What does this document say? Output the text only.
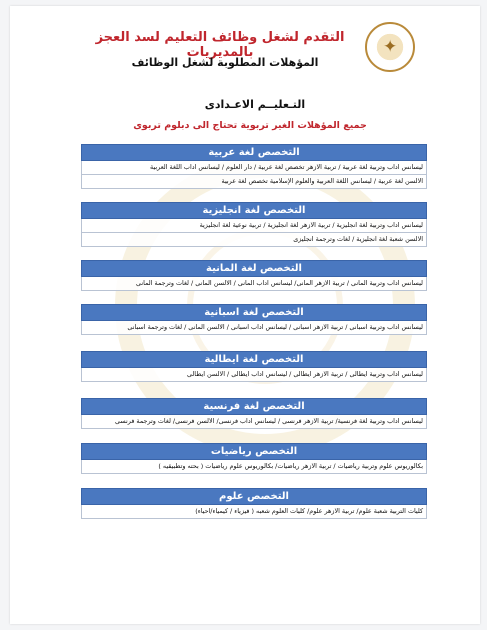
✦
التقدم لشغل وظائف التعليم لسد العجز بالمديريات
المؤهلات المطلوبة لشغل الوظائف
التـعليــم الاعـدادى
جميع المؤهلات الغير تربوية تحتاج الى دبلوم تربوى
التخصص لغة عربية
ليسانس اداب وتربية لغة عربية / تربية الازهر تخصص لغة عربية / دار العلوم / ليسانس اداب اللغة العربية
الالسن لغة عربية / ليسانس اللغة العربية والعلوم الإسلامية تخصص لغة عربية
التخصص لغة انجليزية
ليسانس اداب وتربية لغة انجليزية / تربية الازهر لغة انجليزية / تربية نوعية لغة انجليزية
الالسن شعبة لغة انجليزية / لغات وترجمة انجليزى
التخصص لغة المانية
ليسانس اداب وتربية المانى / تربية الازهر المانى/ ليسانس اداب المانى / الالسن المانى / لغات وترجمة المانى
التخصص لغة اسبانية
ليسانس اداب وتربية اسبانى / تربية الازهر اسبانى / ليسانس اداب اسبانى / الالسن المانى / لغات وترجمة اسبانى
التخصص لغة ايطالية
ليسانس اداب وتربية ايطالى / تربية الازهر ايطالى / ليسانس اداب ايطالى / الالسن ايطالى
التخصص لغة فرنسية
ليسانس اداب وتربية لغة فرنسية/ تربية الازهر فرنسى / ليسانس اداب فرنسى/ الالسن فرنسى/ لغات وترجمة فرنسى
التخصص رياضيات
بكالوريوس علوم وتربية رياضيات / تربية الازهر رياضيات/ بكالوريوس علوم رياضيات ( بحته وتطبيقيه )
التخصص علوم
كليات التربية شعبة علوم/ تربية الازهر علوم/ كليات العلوم شعبه ( فيزياء / كيمياء/احياء)
